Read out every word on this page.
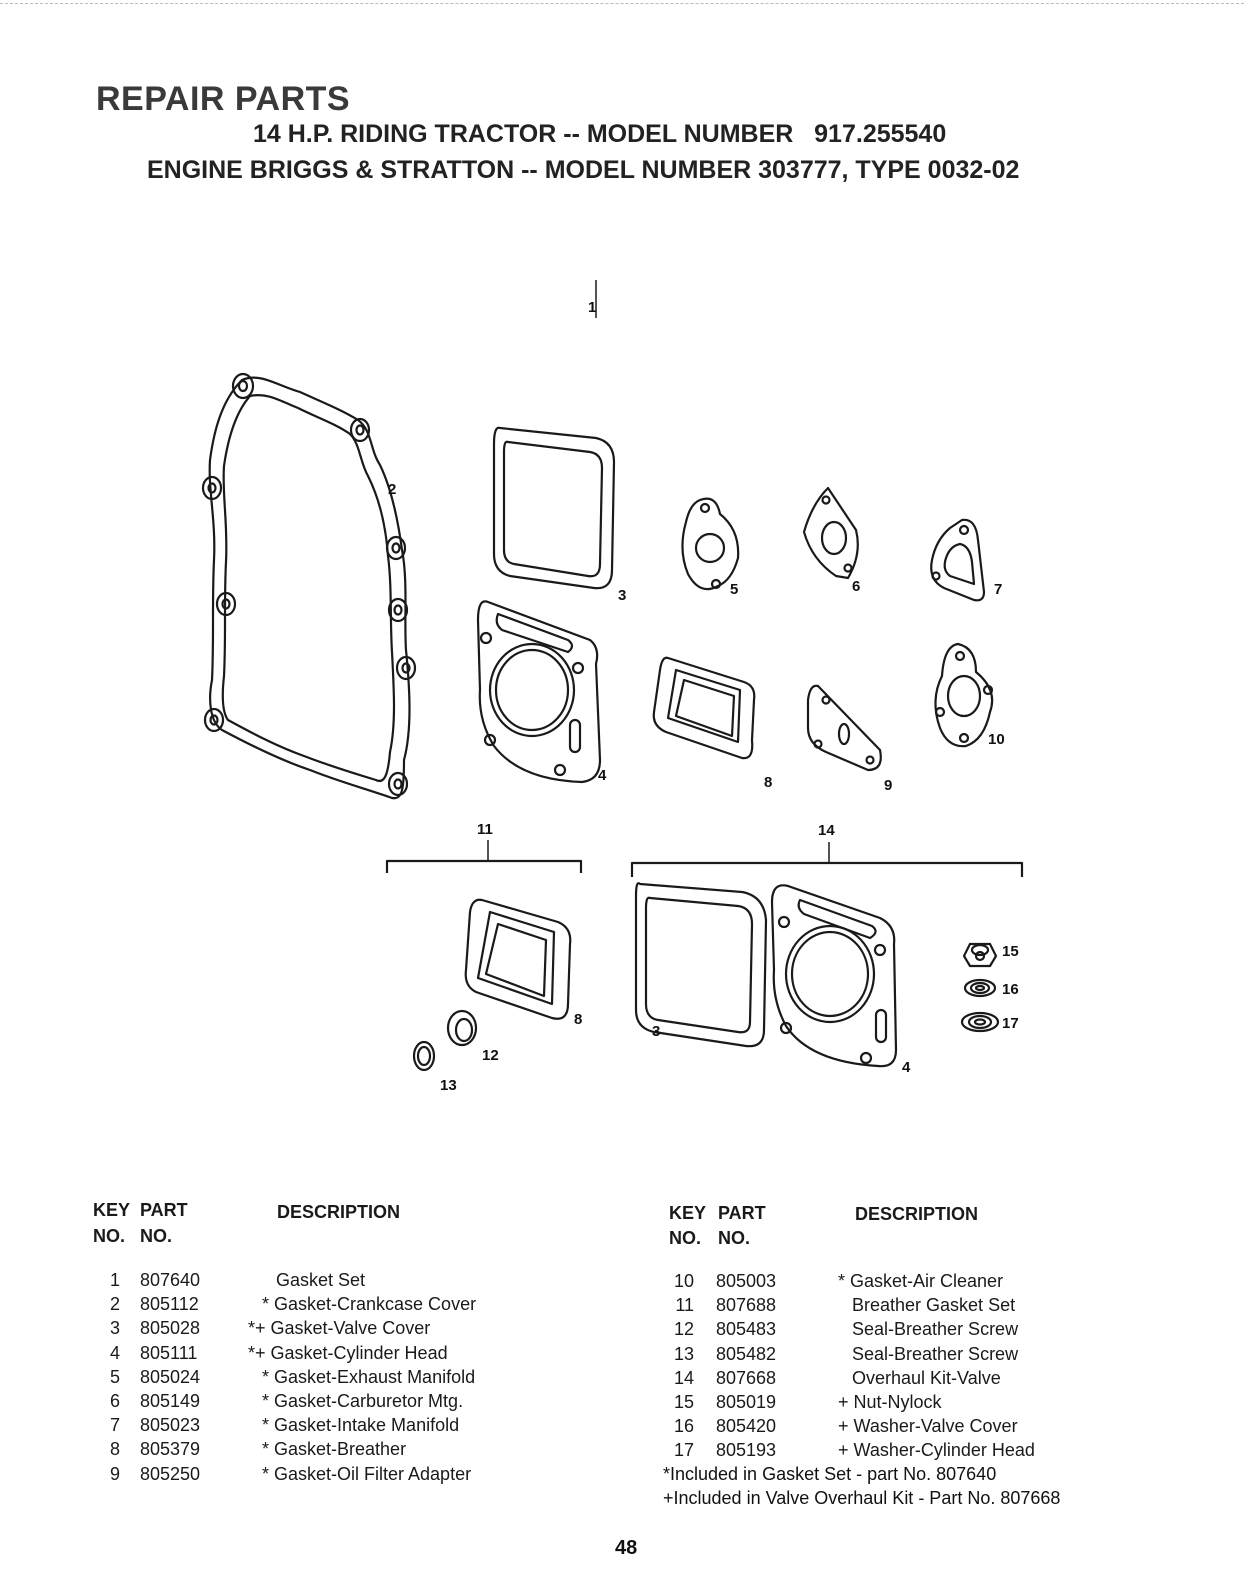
REPAIR PARTS
14 H.P. RIDING TRACTOR -- MODEL NUMBER   917.255540
ENGINE BRIGGS & STRATTON -- MODEL NUMBER 303777, TYPE 0032-02
1
2
3	5	6	7
4	8	9
10
11	14
8
12
13
3
4
15
16
17
KEY PART
NO. NO.
DESCRIPTION
1 807640	Gasket Set
2 805112	* Gasket-Crankcase Cover
3 805028	*+ Gasket-Valve Cover
4 805111	*+ Gasket-Cylinder Head
5 805024	* Gasket-Exhaust Manifold
6 805149	* Gasket-Carburetor Mtg.
7 805023	* Gasket-Intake Manifold
8 805379	* Gasket-Breather
9 805250	* Gasket-Oil Filter Adapter
KEY PART
NO. NO.
DESCRIPTION
10 805003	* Gasket-Air Cleaner
11 807688	Breather Gasket Set
12 805483	Seal-Breather Screw
13 805482	Seal-Breather Screw
14 807668	Overhaul Kit-Valve
15 805019	+ Nut-Nylock
16 805420	+ Washer-Valve Cover
17 805193	+ Washer-Cylinder Head
*Included in Gasket Set - part No. 807640
+Included in Valve Overhaul Kit - Part No. 807668
48
